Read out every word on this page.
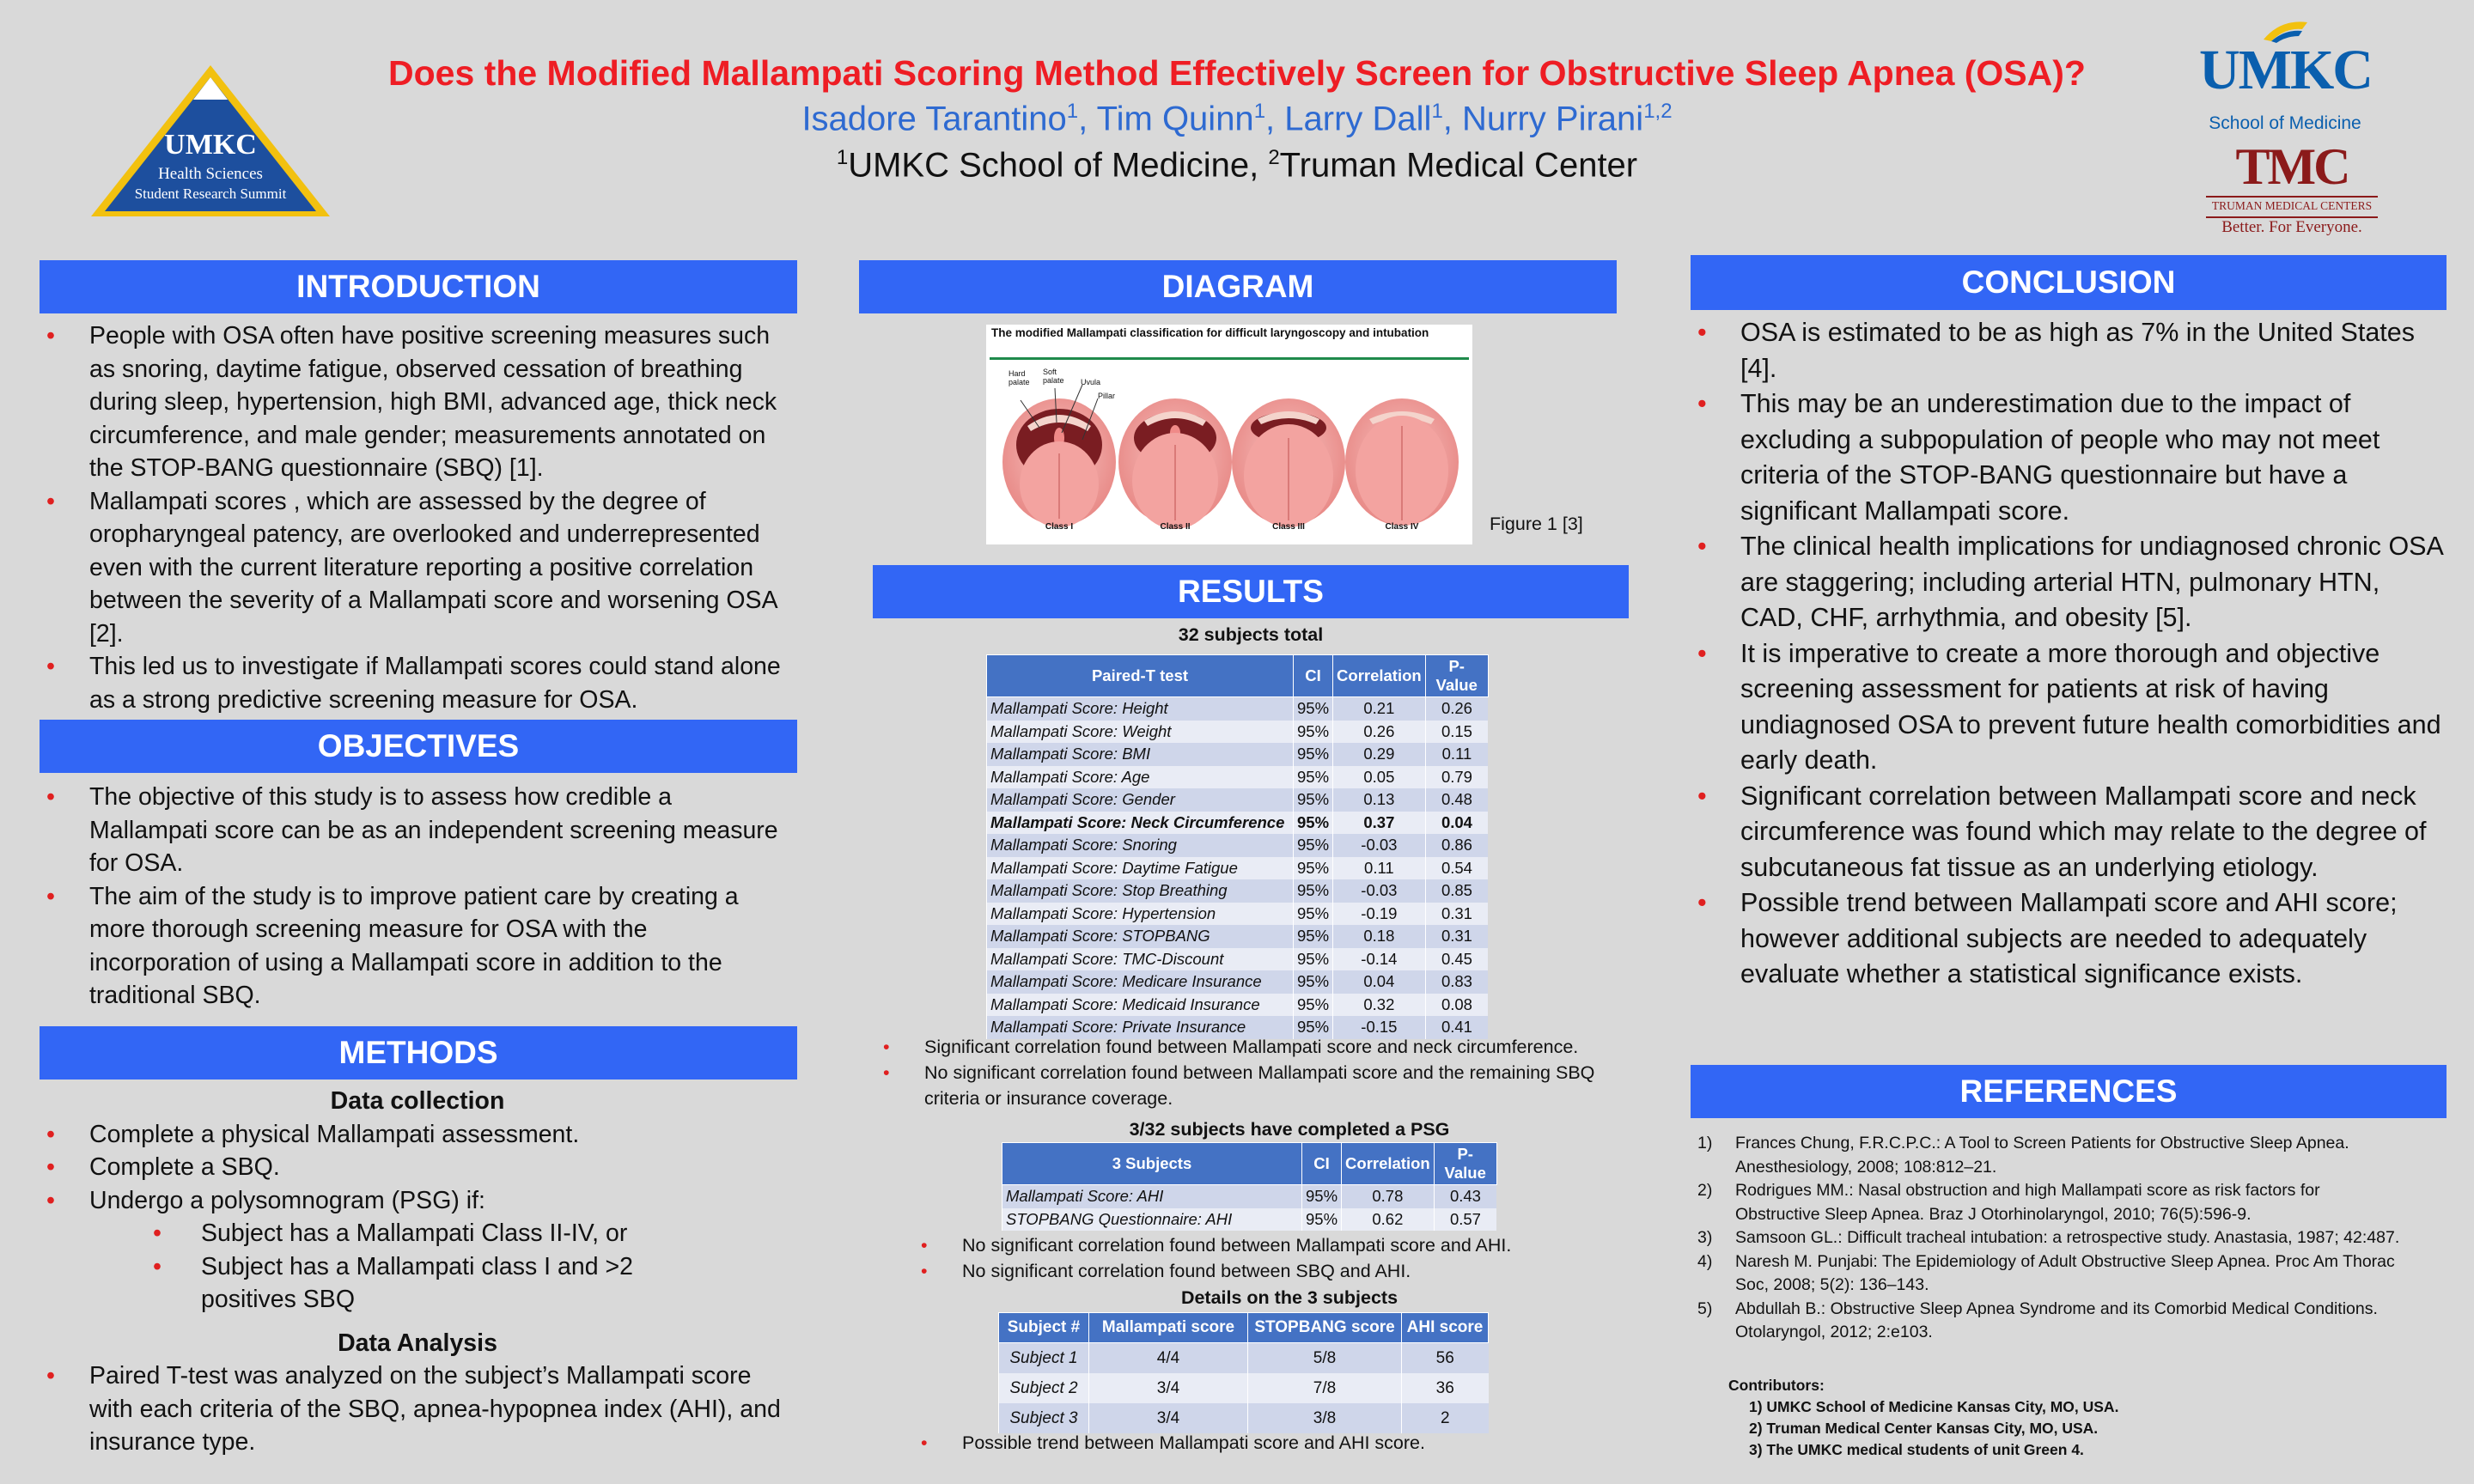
UMKC
Health Sciences
Student Research Summit
Does the Modified Mallampati Scoring Method Effectively Screen for Obstructive Sleep Apnea (OSA)?
Isadore Tarantino$^1$, Tim Quinn$^1$, Larry Dall$^1$, Nurry Pirani$^{1,2}$
$^1$UMKC School of Medicine, $^2$Truman Medical Center
UMKC
School of Medicine
TMC
TRUMAN MEDICAL CENTERS
Better. For Everyone.
INTRODUCTION
• People with OSA often have positive screening measures such as snoring, daytime fatigue, observed cessation of breathing during sleep, hypertension, high BMI, advanced age, thick neck circumference, and male gender; measurements annotated on the STOP-BANG questionnaire (SBQ) [1].
• Mallampati scores , which are assessed by the degree of oropharyngeal patency, are overlooked and underrepresented even with the current literature reporting a positive correlation between the severity of a Mallampati score and worsening OSA [2].
• This led us to investigate if Mallampati scores could stand alone as a strong predictive screening measure for OSA.
OBJECTIVES
• The objective of this study is to assess how credible a Mallampati score can be as an independent screening measure for OSA.
• The aim of the study is to improve patient care by creating a more thorough screening measure for OSA with the incorporation of using a Mallampati score in addition to the traditional SBQ.
METHODS
Data collection
• Complete a physical Mallampati assessment.
• Complete a SBQ.
• Undergo a polysomnogram (PSG) if:
• Subject has a Mallampati Class II-IV, or
• Subject has a Mallampati class I and >2 positives SBQ
Data Analysis
• Paired T-test was analyzed on the subject’s Mallampati score with each criteria of the SBQ, apnea-hypopnea index (AHI), and insurance type.
DIAGRAM
The modified Mallampati classification for difficult laryngoscopy and intubation
Hard palate
Soft palate	Uvula
Pillar
Class I	Class II	Class III	Class IV	Figure 1 [3]
RESULTS
32 subjects total
Paired-T test	CI	Correlation	P-Value
Mallampati Score: Height	95%	0.21	0.26
Mallampati Score: Weight	95%	0.26	0.15
Mallampati Score: BMI	95%	0.29	0.11
Mallampati Score: Age	95%	0.05	0.79
Mallampati Score: Gender	95%	0.13	0.48
Mallampati Score: Neck Circumference	95%	0.37	0.04
Mallampati Score: Snoring	95%	-0.03	0.86
Mallampati Score: Daytime Fatigue	95%	0.11	0.54
Mallampati Score: Stop Breathing	95%	-0.03	0.85
Mallampati Score: Hypertension	95%	-0.19	0.31
Mallampati Score: STOPBANG	95%	0.18	0.31
Mallampati Score: TMC-Discount	95%	-0.14	0.45
Mallampati Score: Medicare Insurance	95%	0.04	0.83
Mallampati Score: Medicaid Insurance	95%	0.32	0.08
Mallampati Score: Private Insurance	95%	-0.15	0.41
• Significant correlation found between Mallampati score and neck circumference.
• No significant correlation found between Mallampati score and the remaining SBQ criteria or insurance coverage.
3/32 subjects have completed a PSG
3 Subjects	CI	Correlation	P-Value
Mallampati Score: AHI	95%	0.78	0.43
STOPBANG Questionnaire: AHI	95%	0.62	0.57
• No significant correlation found between Mallampati score and AHI.
• No significant correlation found between SBQ and AHI.
Details on the 3 subjects
Subject #	Mallampati score	STOPBANG score	AHI score
Subject 1	4/4	5/8	56
Subject 2	3/4	7/8	36
Subject 3	3/4	3/8	2
• Possible trend between Mallampati score and AHI score.
CONCLUSION
• OSA is estimated to be as high as 7% in the United States [4].
• This may be an underestimation due to the impact of excluding a subpopulation of people who may not meet criteria of the STOP-BANG questionnaire but have a significant Mallampati score.
• The clinical health implications for undiagnosed chronic OSA are staggering; including arterial HTN, pulmonary HTN, CAD, CHF, arrhythmia, and obesity [5].
• It is imperative to create a more thorough and objective screening assessment for patients at risk of having undiagnosed OSA to prevent future health comorbidities and early death.
• Significant correlation between Mallampati score and neck circumference was found which may relate to the degree of subcutaneous fat tissue as an underlying etiology.
• Possible trend between Mallampati score and AHI score; however additional subjects are needed to adequately evaluate whether a statistical significance exists.
REFERENCES
Frances Chung, F.R.C.P.C.: A Tool to Screen Patients for Obstructive Sleep Apnea. Anesthesiology, 2008; 108:812–21.
Rodrigues MM.: Nasal obstruction and high Mallampati score as risk factors for Obstructive Sleep Apnea. Braz J Otorhinolaryngol, 2010; 76(5):596-9.
Samsoon GL.: Difficult tracheal intubation: a retrospective study. Anastasia, 1987; 42:487.
Naresh M. Punjabi: The Epidemiology of Adult Obstructive Sleep Apnea. Proc Am Thorac Soc, 2008; 5(2): 136–143.
Abdullah B.: Obstructive Sleep Apnea Syndrome and its Comorbid Medical Conditions. Otolaryngol, 2012; 2:e103.
Contributors:
1) UMKC School of Medicine Kansas City, MO, USA.
2) Truman Medical Center Kansas City, MO, USA.
3) The UMKC medical students of unit Green 4.
